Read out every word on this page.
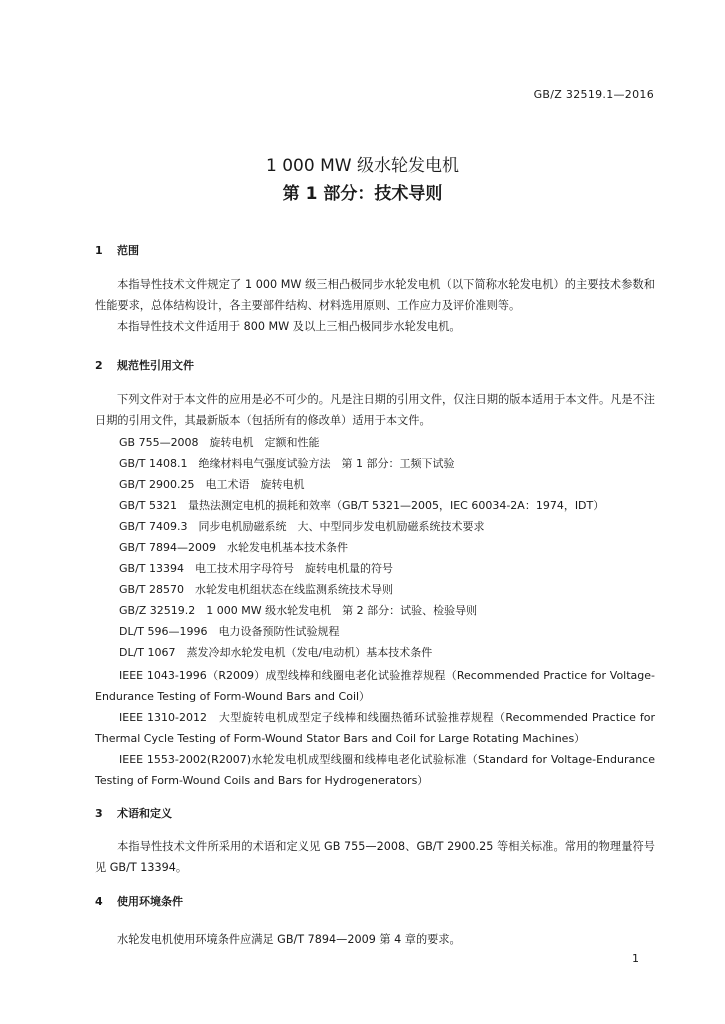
GB/Z 32519.1—2016
1 000 MW 级水轮发电机
第 1 部分：技术导则
1 范围
本指导性技术文件规定了 1 000 MW 级三相凸极同步水轮发电机（以下简称水轮发电机）的主要技术参数和性能要求，总体结构设计，各主要部件结构、材料选用原则、工作应力及评价准则等。
本指导性技术文件适用于 800 MW 及以上三相凸极同步水轮发电机。
2 规范性引用文件
下列文件对于本文件的应用是必不可少的。凡是注日期的引用文件，仅注日期的版本适用于本文件。凡是不注日期的引用文件，其最新版本（包括所有的修改单）适用于本文件。
GB 755—2008　旋转电机　定额和性能
GB/T 1408.1　绝缘材料电气强度试验方法　第 1 部分：工频下试验
GB/T 2900.25　电工术语　旋转电机
GB/T 5321　量热法测定电机的损耗和效率（GB/T 5321—2005，IEC 60034-2A：1974，IDT）
GB/T 7409.3　同步电机励磁系统　大、中型同步发电机励磁系统技术要求
GB/T 7894—2009　水轮发电机基本技术条件
GB/T 13394　电工技术用字母符号　旋转电机量的符号
GB/T 28570　水轮发电机组状态在线监测系统技术导则
GB/Z 32519.2　1 000 MW 级水轮发电机　第 2 部分：试验、检验导则
DL/T 596—1996　电力设备预防性试验规程
DL/T 1067　蒸发冷却水轮发电机（发电/电动机）基本技术条件
IEEE 1043-1996（R2009）成型线棒和线圈电老化试验推荐规程（Recommended Practice for Voltage-Endurance Testing of Form-Wound Bars and Coil）
IEEE 1310-2012　大型旋转电机成型定子线棒和线圈热循环试验推荐规程（Recommended Practice for Thermal Cycle Testing of Form-Wound Stator Bars and Coil for Large Rotating Machines）
IEEE 1553-2002(R2007)水轮发电机成型线圈和线棒电老化试验标准（Standard for Voltage-Endurance Testing of Form-Wound Coils and Bars for Hydrogenerators）
3 术语和定义
本指导性技术文件所采用的术语和定义见 GB 755—2008、GB/T 2900.25 等相关标准。常用的物理量符号见 GB/T 13394。
4 使用环境条件
水轮发电机使用环境条件应满足 GB/T 7894—2009 第 4 章的要求。
1
